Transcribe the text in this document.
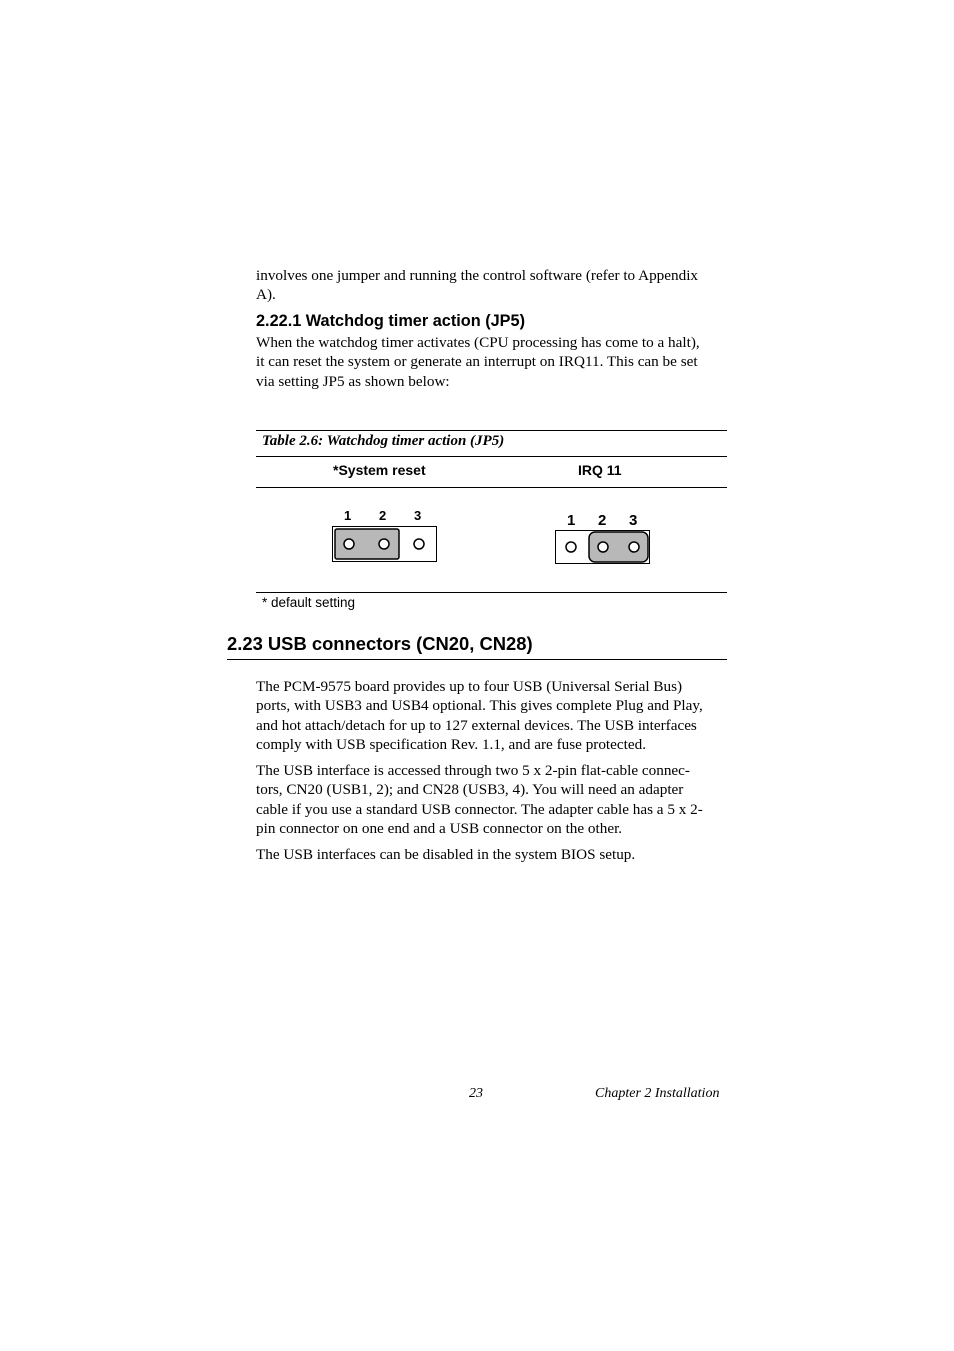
involves one jumper and running the control software (refer to Appendix
A).
2.22.1 Watchdog timer action (JP5)
When the watchdog timer activates (CPU processing has come to a halt),
it can reset the system or generate an interrupt on IRQ11. This can be set
via setting JP5 as shown below:
Table 2.6: Watchdog timer action (JP5)
*System reset	IRQ 11
1 2 3	1 2 3
* default setting
2.23 USB connectors (CN20, CN28)
The PCM-9575 board provides up to four USB (Universal Serial Bus)
ports, with USB3 and USB4 optional. This gives complete Plug and Play,
and hot attach/detach for up to 127 external devices. The USB interfaces
comply with USB specification Rev. 1.1, and are fuse protected.
The USB interface is accessed through two 5 x 2-pin flat-cable connec-
tors, CN20 (USB1, 2); and CN28 (USB3, 4). You will need an adapter
cable if you use a standard USB connector. The adapter cable has a 5 x 2-
pin connector on one end and a USB connector on the other.
The USB interfaces can be disabled in the system BIOS setup.
23	Chapter 2 Installation
